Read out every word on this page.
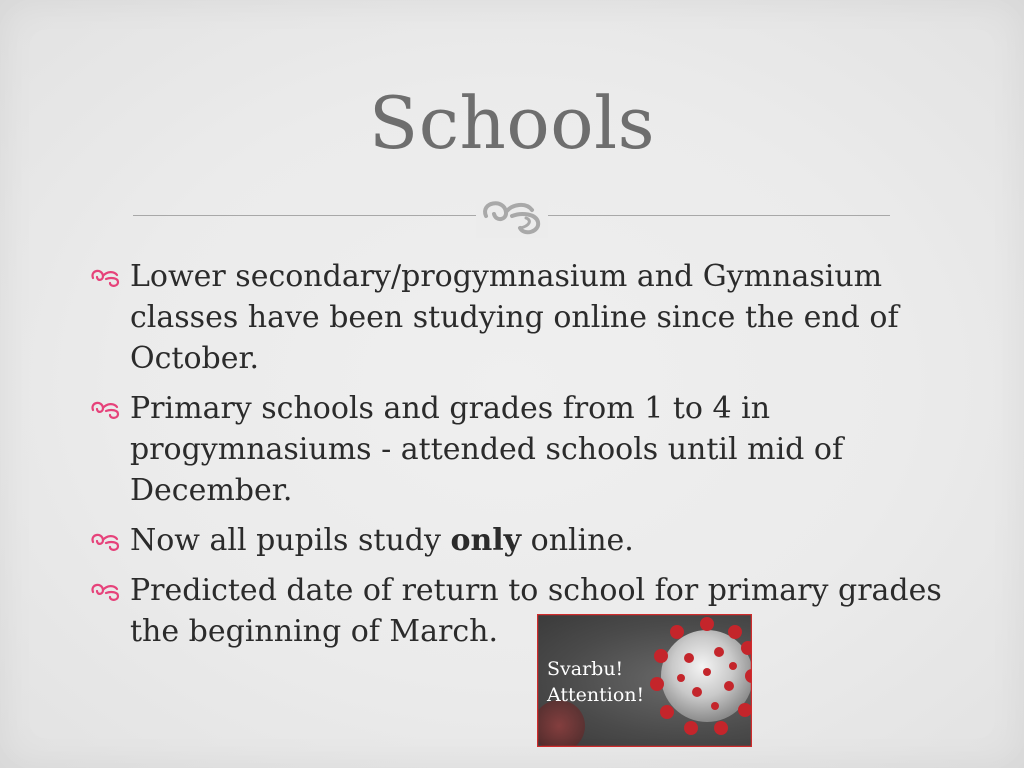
Schools
Lower secondary/progymnasium and Gymnasium classes have been studying online since the end of October.
Primary schools and grades from 1 to 4 in progymnasiums - attended schools until mid of December.
Now all pupils study only online.
Predicted date of return to school for primary grades the beginning of March.
Svarbu!
Attention!
